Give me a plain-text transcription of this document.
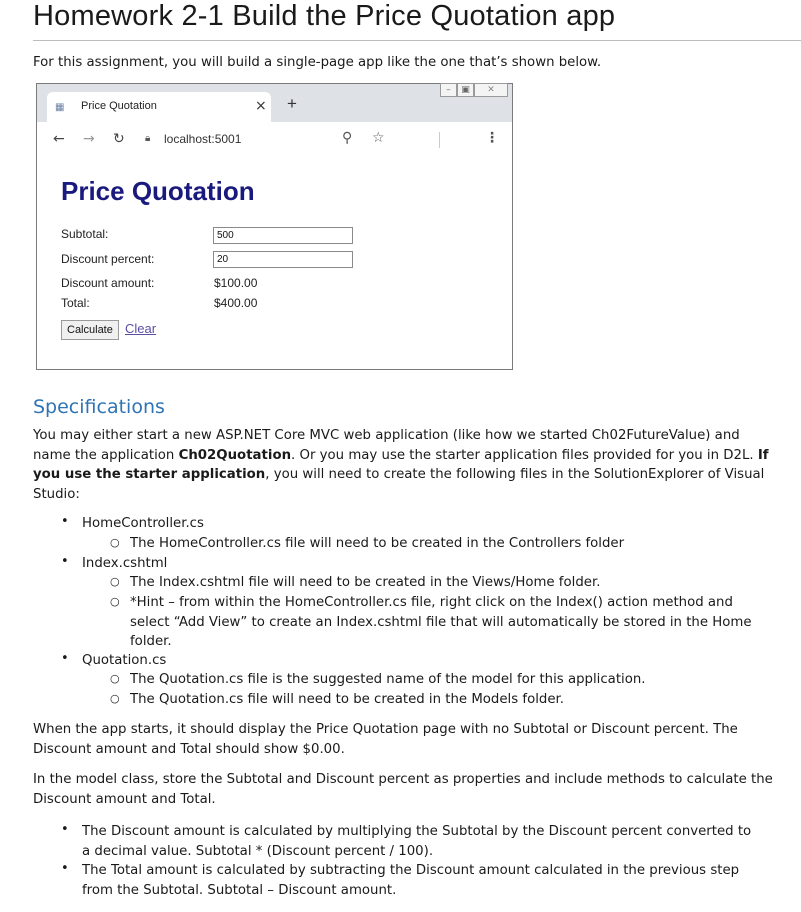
Homework 2-1 Build the Price Quotation app

For this assignment, you will build a single-page app like the one that’s shown below.

–	▣	✕
▦ Price Quotation	× +
← → ↻ 🔒︎ localhost:5001	⚲ ☆	⋮
Price Quotation
Subtotal:
500
Discount percent:
20
Discount amount:	$100.00
Total:	$400.00
Calculate Clear
Specifications

You may either start a new ASP.NET Core MVC web application (like how we started Ch02FutureValue) and name the application Ch02Quotation. Or you may use the starter application files provided for you in D2L. If you use the starter application, you will need to create the following files in the SolutionExplorer of Visual Studio:

• HomeController.cs
○ The HomeController.cs file will need to be created in the Controllers folder
• Index.cshtml
○ The Index.cshtml file will need to be created in the Views/Home folder.
○ *Hint – from within the HomeController.cs file, right click on the Index() action method and select “Add View” to create an Index.cshtml file that will automatically be stored in the Home folder.
• Quotation.cs
○ The Quotation.cs file is the suggested name of the model for this application.
○ The Quotation.cs file will need to be created in the Models folder.

When the app starts, it should display the Price Quotation page with no Subtotal or Discount percent. The Discount amount and Total should show $0.00.

In the model class, store the Subtotal and Discount percent as properties and include methods to calculate the Discount amount and Total.

• The Discount amount is calculated by multiplying the Subtotal by the Discount percent converted to a decimal value. Subtotal * (Discount percent / 100).
• The Total amount is calculated by subtracting the Discount amount calculated in the previous step from the Subtotal. Subtotal – Discount amount.
